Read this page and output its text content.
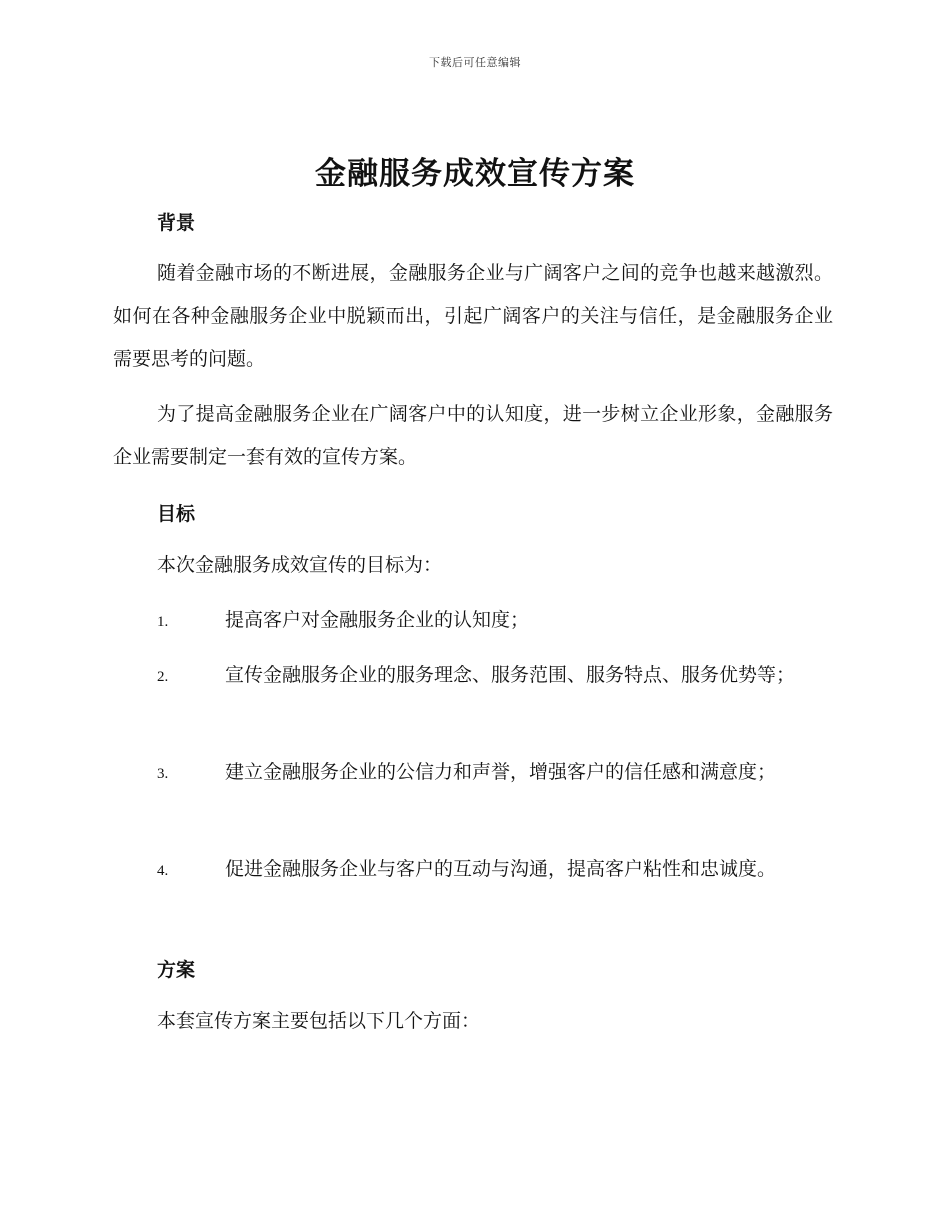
下载后可任意编辑
金融服务成效宣传方案
背景

随着金融市场的不断进展，金融服务企业与广阔客户之间的竞争也越来越激烈。如何在各种金融服务企业中脱颖而出，引起广阔客户的关注与信任，是金融服务企业需要思考的问题。

为了提高金融服务企业在广阔客户中的认知度，进一步树立企业形象，金融服务企业需要制定一套有效的宣传方案。

目标

本次金融服务成效宣传的目标为：

1.	提高客户对金融服务企业的认知度；
2.	宣传金融服务企业的服务理念、服务范围、服务特点、服务优势等；
3.	建立金融服务企业的公信力和声誉，增强客户的信任感和满意度；
4.	促进金融服务企业与客户的互动与沟通，提高客户粘性和忠诚度。
方案

本套宣传方案主要包括以下几个方面：
